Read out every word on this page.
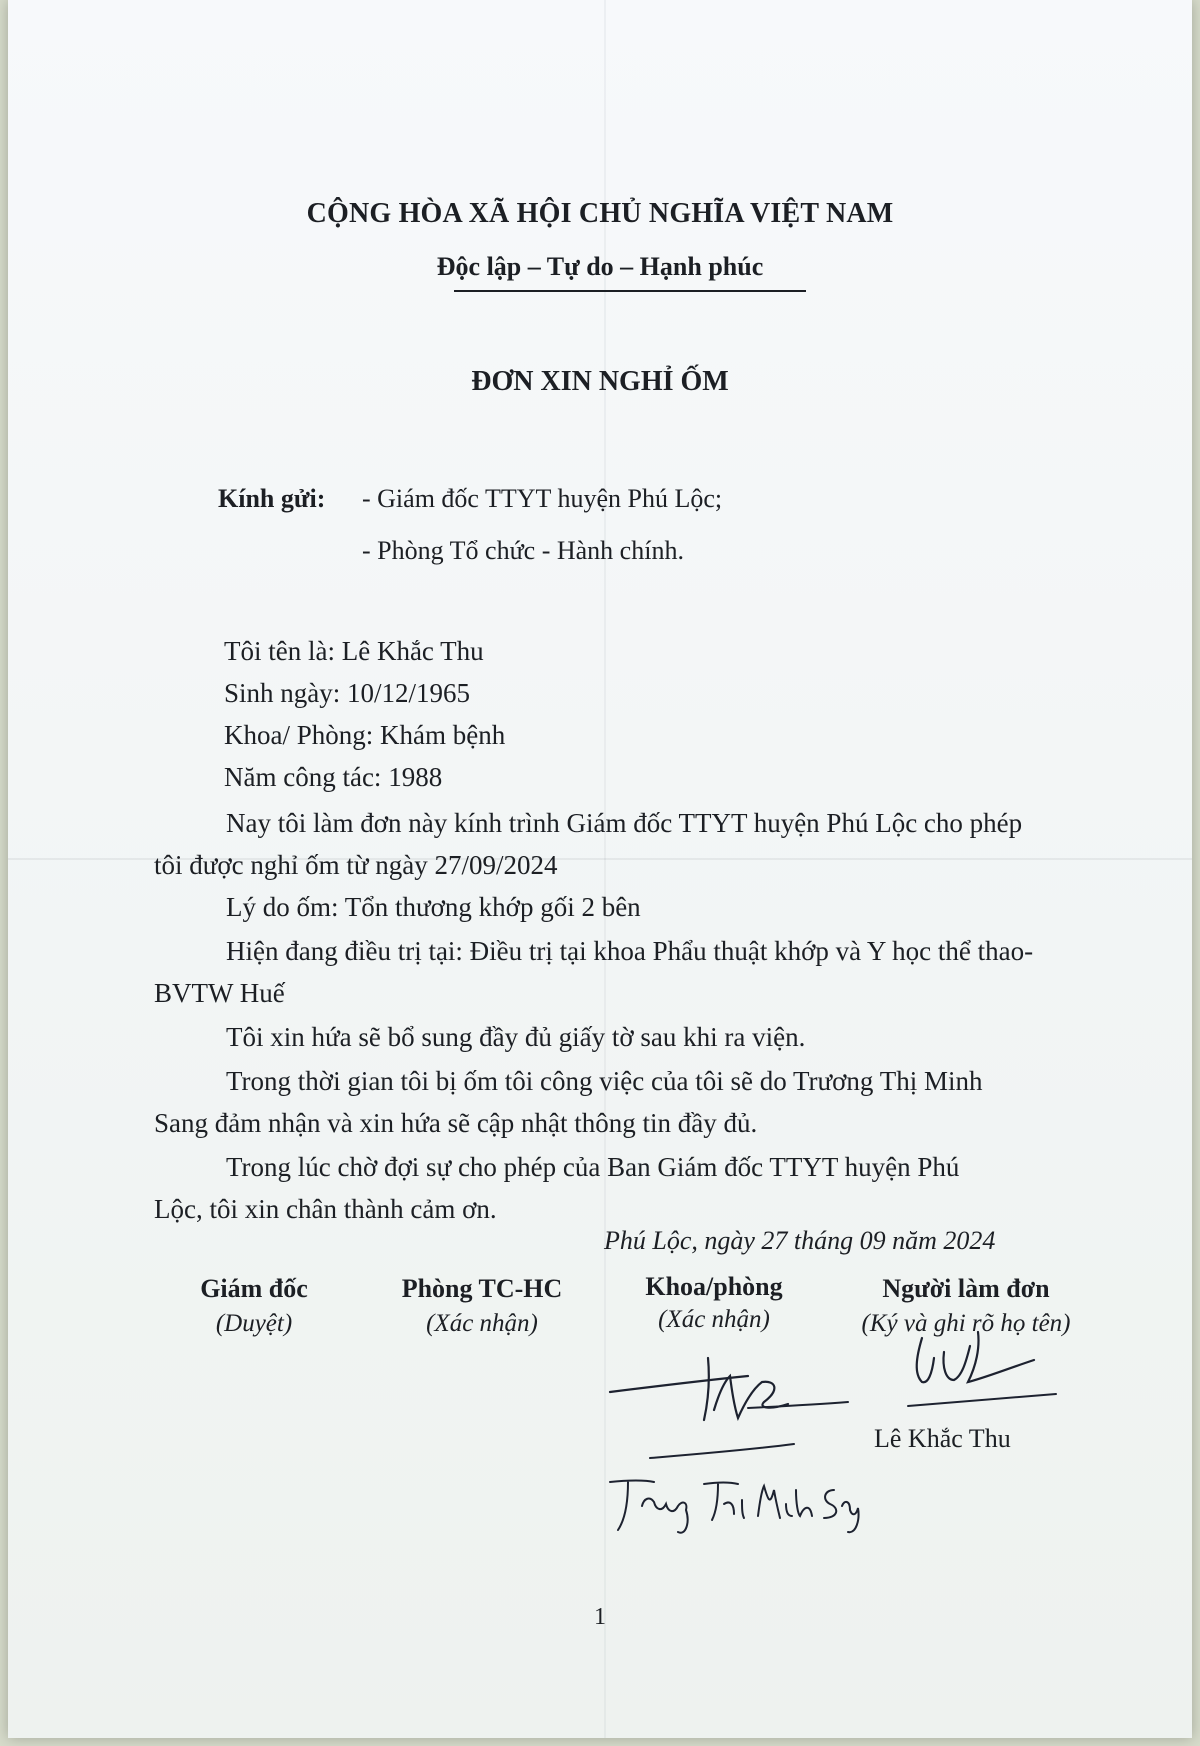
CỘNG HÒA XÃ HỘI CHỦ NGHĨA VIỆT NAM
Độc lập – Tự do – Hạnh phúc
ĐƠN XIN NGHỈ ỐM
Kính gửi: - Giám đốc TTYT huyện Phú Lộc;
- Phòng Tổ chức - Hành chính.
Tôi tên là: Lê Khắc Thu
Sinh ngày: 10/12/1965
Khoa/ Phòng: Khám bệnh
Năm công tác: 1988
Nay tôi làm đơn này kính trình Giám đốc TTYT huyện Phú Lộc cho phép
tôi được nghỉ ốm từ ngày 27/09/2024
Lý do ốm: Tổn thương khớp gối 2 bên
Hiện đang điều trị tại: Điều trị tại khoa Phẩu thuật khớp và Y học thể thao-
BVTW Huế
Tôi xin hứa sẽ bổ sung đầy đủ giấy tờ sau khi ra viện.
Trong thời gian tôi bị ốm tôi công việc của tôi sẽ do Trương Thị Minh
Sang đảm nhận và xin hứa sẽ cập nhật thông tin đầy đủ.
Trong lúc chờ đợi sự cho phép của Ban Giám đốc TTYT huyện Phú
Lộc, tôi xin chân thành cảm ơn.
Phú Lộc, ngày 27 tháng 09 năm 2024
Giám đốc
(Duyệt)
Phòng TC-HC
(Xác nhận)
Khoa/phòng
(Xác nhận)
Người làm đơn
(Ký và ghi rõ họ tên)
Lê Khắc Thu
1
